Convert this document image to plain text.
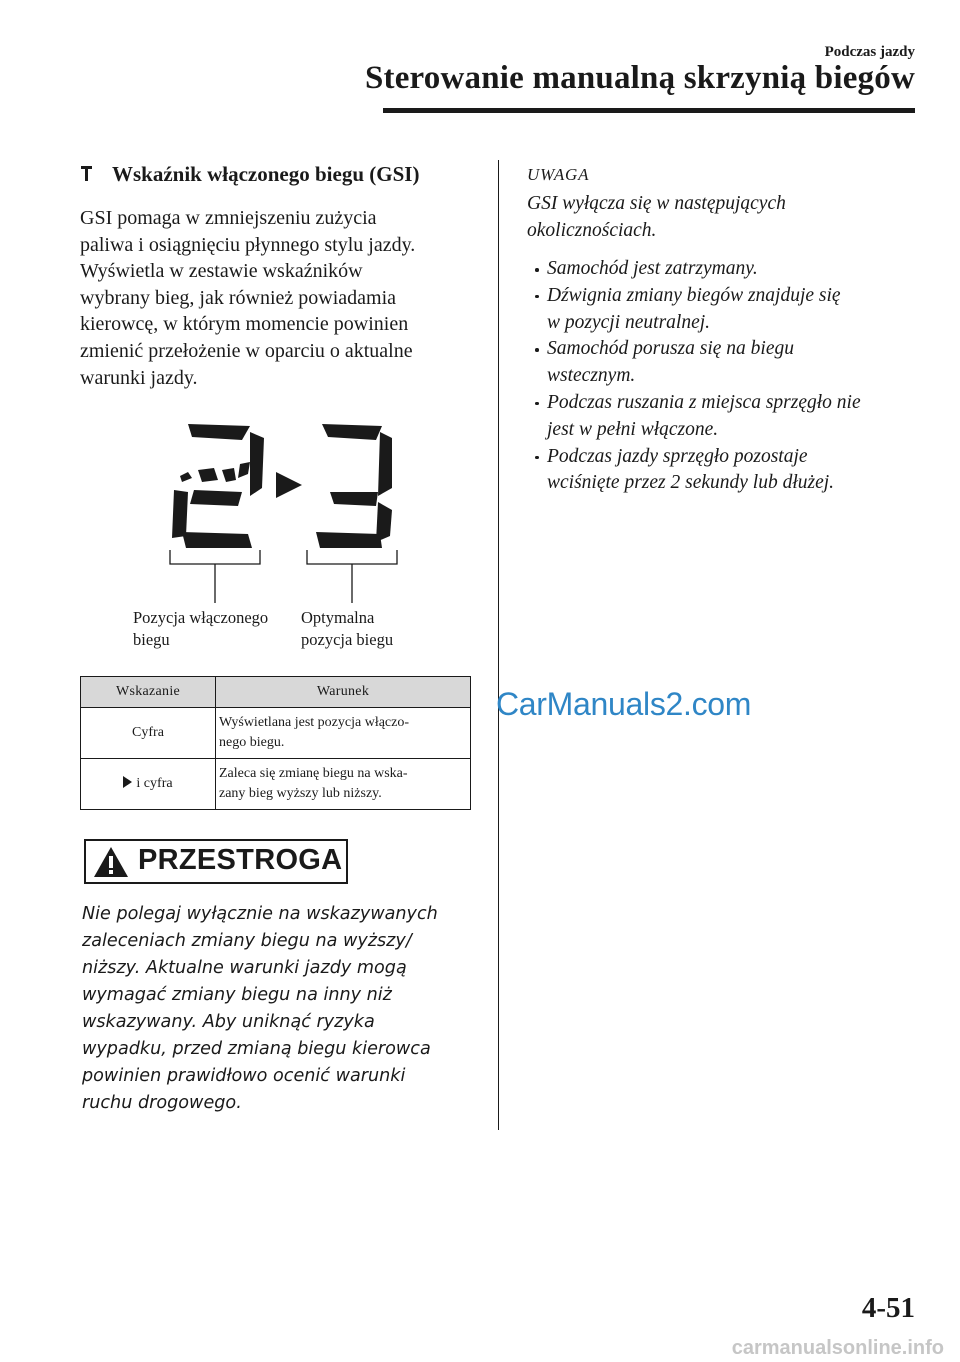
Podczas jazdy
Sterowanie manualną skrzynią biegów
Wskaźnik włączonego biegu (GSI)
GSI pomaga w zmniejszeniu zużycia
paliwa i osiągnięciu płynnego stylu jazdy.
Wyświetla w zestawie wskaźników
wybrany bieg, jak również powiadamia
kierowcę, w którym momencie powinien
zmienić przełożenie w oparciu o aktualne
warunki jazdy.
Pozycja włączonego
biegu
Optymalna
pozycja biegu
Wskazanie	Warunek
Cyfra	Wyświetlana jest pozycja włączo-
nego biegu.

i cyfra	Zaleca się zmianę biegu na wska-
zany bieg wyższy lub niższy.
PRZESTROGA
Nie polegaj wyłącznie na wskazywanych
zaleceniach zmiany biegu na wyższy/
niższy. Aktualne warunki jazdy mogą
wymagać zmiany biegu na inny niż
wskazywany. Aby uniknąć ryzyka
wypadku, przed zmianą biegu kierowca
powinien prawidłowo ocenić warunki
ruchu drogowego.
UWAGA
GSI wyłącza się w następujących
okolicznościach.
Samochód jest zatrzymany.
Dźwignia zmiany biegów znajduje się
w pozycji neutralnej.
Samochód porusza się na biegu
wstecznym.
Podczas ruszania z miejsca sprzęgło nie
jest w pełni włączone.
Podczas jazdy sprzęgło pozostaje
wciśnięte przez 2 sekundy lub dłużej.
CarManuals2.com
4-51
carmanualsonline.info
